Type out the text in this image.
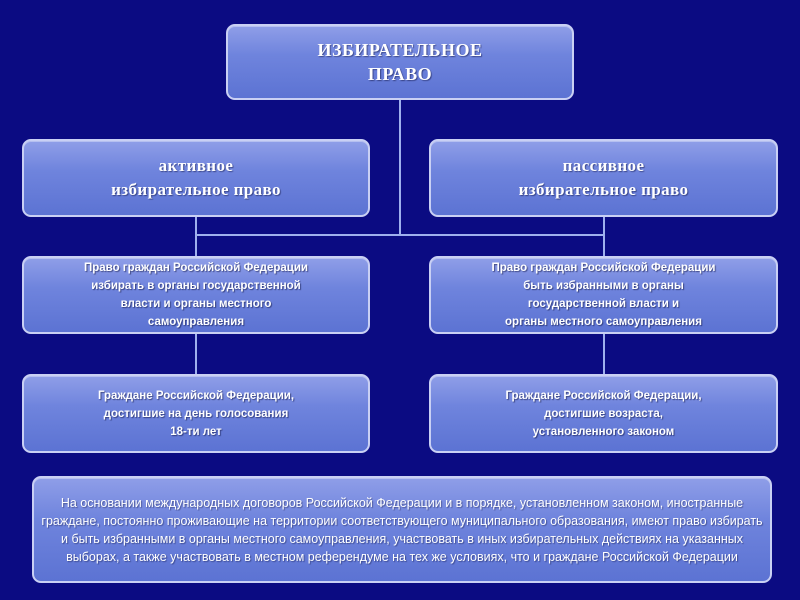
ИЗБИРАТЕЛЬНОЕ
ПРАВО
активное
избирательное право
пассивное
избирательное право
Право граждан Российской Федерации
избирать в органы государственной
власти и органы местного
самоуправления
Право граждан Российской Федерации
быть избранными в органы
государственной власти и
органы местного самоуправления
Граждане Российской Федерации,
достигшие на день голосования
18-ти лет
Граждане Российской Федерации,
достигшие возраста,
установленного законом
На основании международных договоров Российской Федерации и в порядке, установленном законом, иностранные граждане, постоянно проживающие на территории соответствующего муниципального образования, имеют право избирать и быть избранными в органы местного самоуправления, участвовать в иных избирательных действиях на указанных выборах, а также участвовать в местном референдуме на тех же условиях, что и граждане Российской Федерации
